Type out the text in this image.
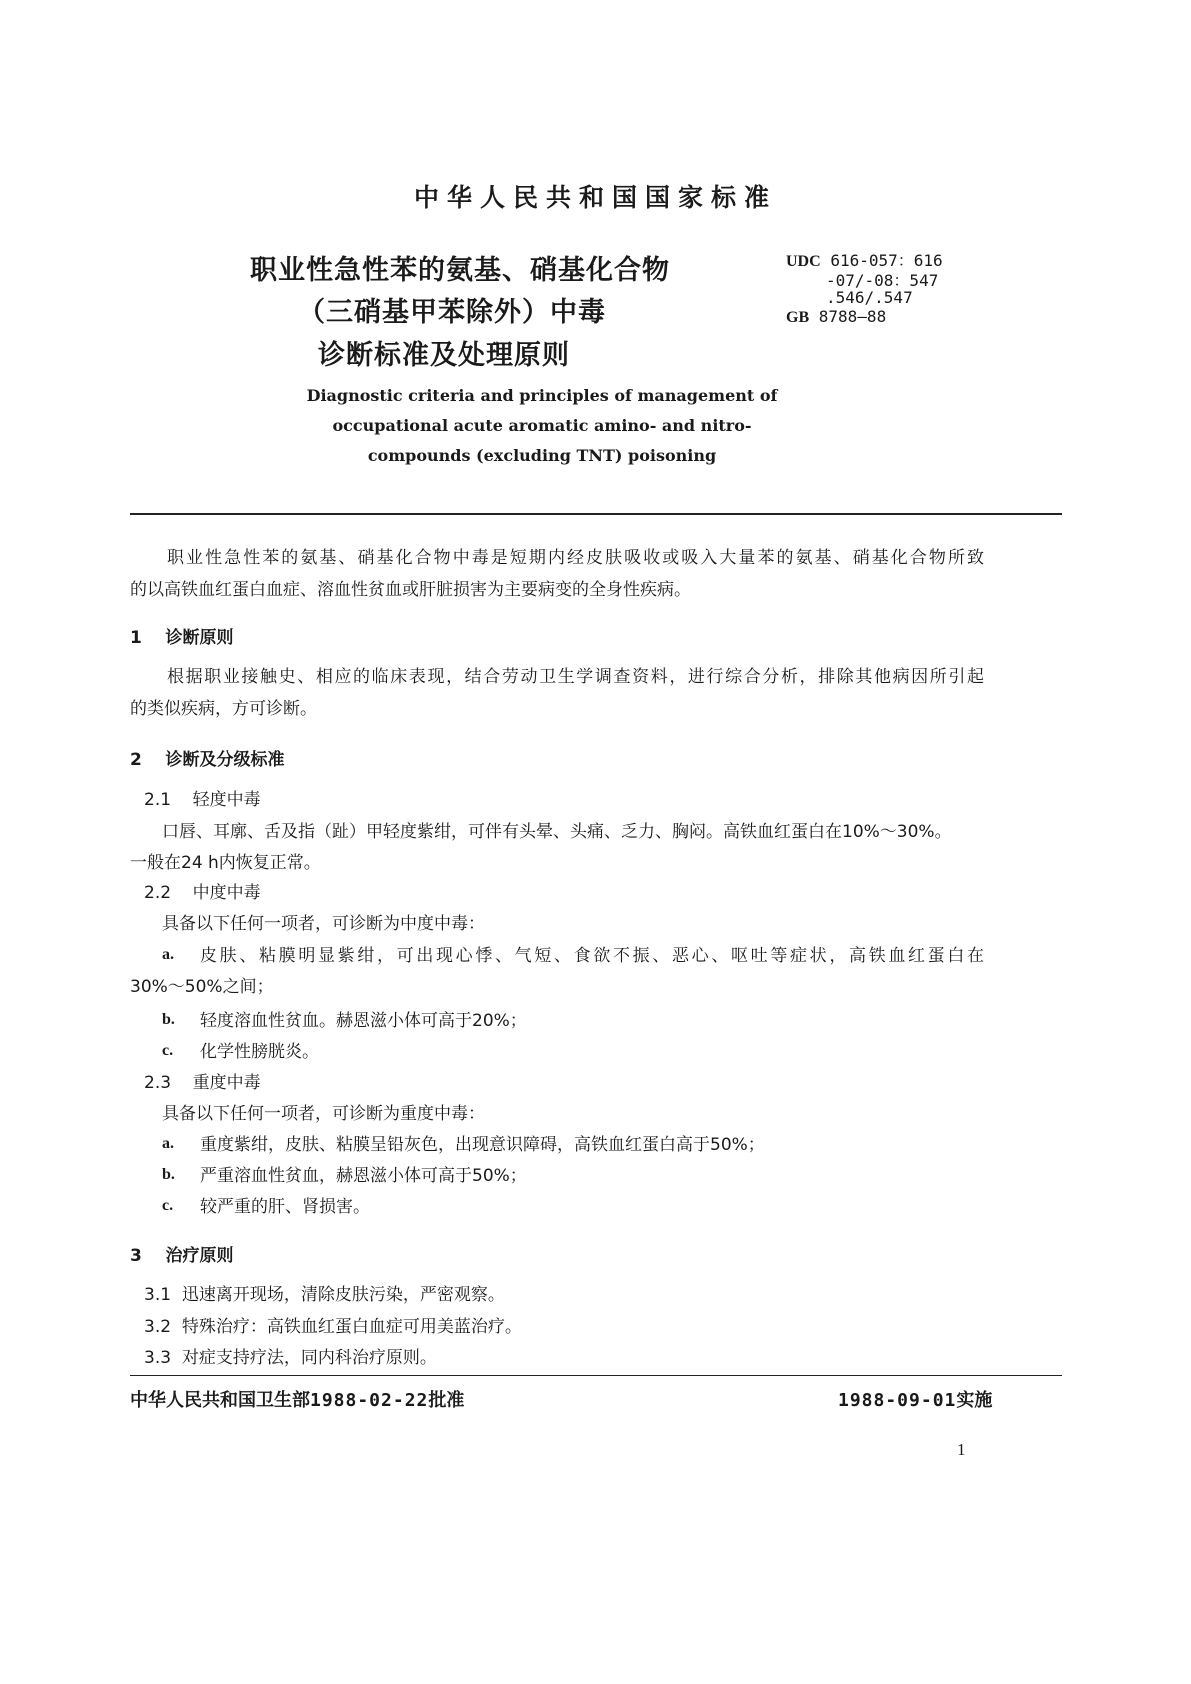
中华人民共和国国家标准
职业性急性苯的氨基、硝基化合物
（三硝基甲苯除外）中毒
诊断标准及处理原则
UDC 616-057：616
-07/-08：547
.546/.547
GB 8788—88
Diagnostic criteria and principles of management of
occupational acute aromatic amino- and nitro-
compounds (excluding TNT) poisoning
职业性急性苯的氨基、硝基化合物中毒是短期内经皮肤吸收或吸入大量苯的氨基、硝基化合物所致
的以高铁血红蛋白血症、溶血性贫血或肝脏损害为主要病变的全身性疾病。
1 诊断原则
根据职业接触史、相应的临床表现，结合劳动卫生学调查资料，进行综合分析，排除其他病因所引起
的类似疾病，方可诊断。
2 诊断及分级标准
2.1 轻度中毒
口唇、耳廓、舌及指（趾）甲轻度紫绀，可伴有头晕、头痛、乏力、胸闷。高铁血红蛋白在10%～30%。
一般在24 h内恢复正常。
2.2 中度中毒
具备以下任何一项者，可诊断为中度中毒：
a. 皮肤、粘膜明显紫绀，可出现心悸、气短、食欲不振、恶心、呕吐等症状，高铁血红蛋白在
30%～50%之间；
b. 轻度溶血性贫血。赫恩滋小体可高于20%；
c. 化学性膀胱炎。
2.3 重度中毒
具备以下任何一项者，可诊断为重度中毒：
a. 重度紫绀，皮肤、粘膜呈铅灰色，出现意识障碍，高铁血红蛋白高于50%；
b. 严重溶血性贫血，赫恩滋小体可高于50%；
c. 较严重的肝、肾损害。
3 治疗原则
3.1 迅速离开现场，清除皮肤污染，严密观察。
3.2 特殊治疗：高铁血红蛋白血症可用美蓝治疗。
3.3 对症支持疗法，同内科治疗原则。
中华人民共和国卫生部1988-02-22批准	1988-09-01实施
1
